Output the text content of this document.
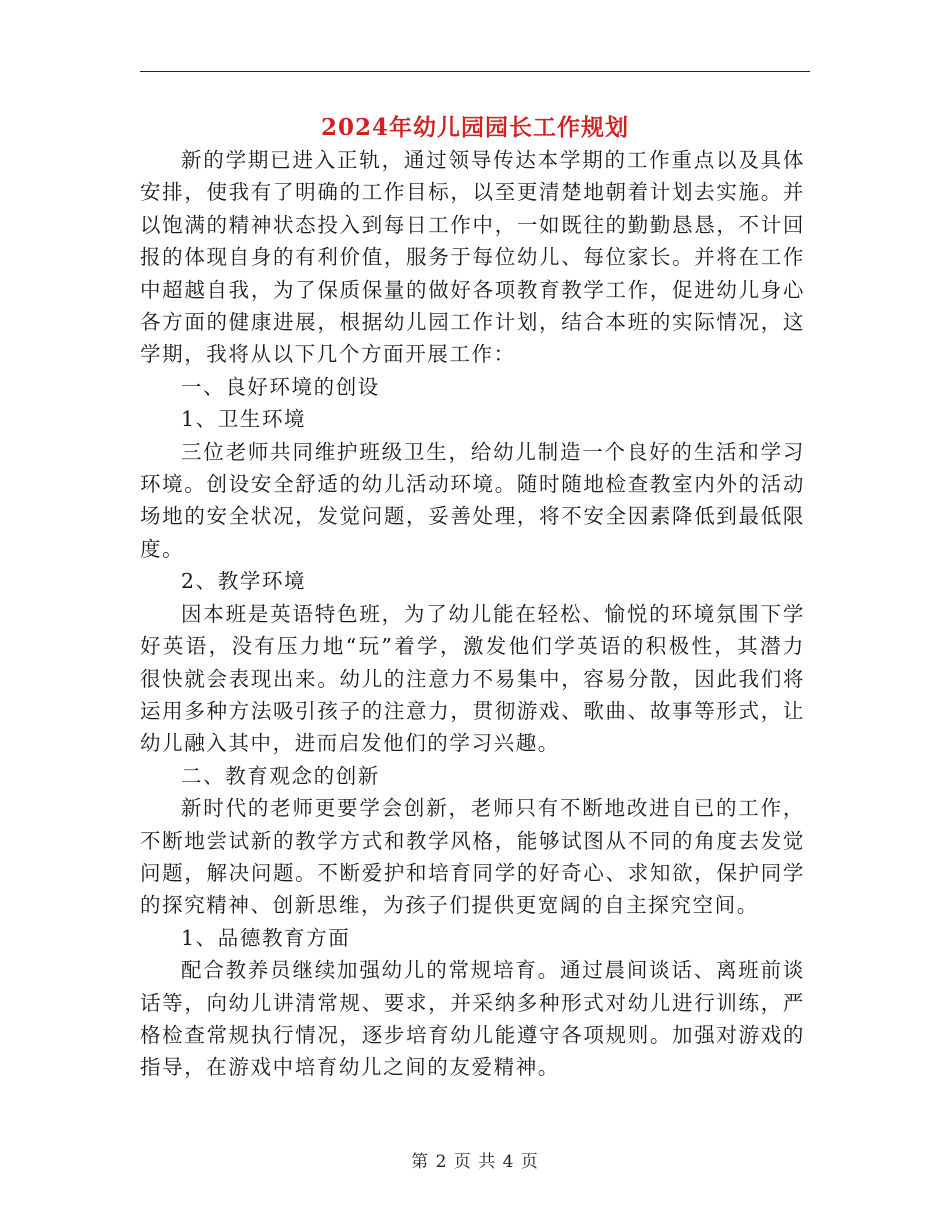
2024年幼儿园园长工作规划

新的学期已进入正轨，通过领导传达本学期的工作重点以及具体安排，使我有了明确的工作目标，以至更清楚地朝着计划去实施。并以饱满的精神状态投入到每日工作中，一如既往的勤勤恳恳，不计回报的体现自身的有利价值，服务于每位幼儿、每位家长。并将在工作中超越自我，为了保质保量的做好各项教育教学工作，促进幼儿身心各方面的健康进展，根据幼儿园工作计划，结合本班的实际情况，这学期，我将从以下几个方面开展工作：

一、良好环境的创设

1、卫生环境

三位老师共同维护班级卫生，给幼儿制造一个良好的生活和学习环境。创设安全舒适的幼儿活动环境。随时随地检查教室内外的活动场地的安全状况，发觉问题，妥善处理，将不安全因素降低到最低限度。

2、教学环境

因本班是英语特色班，为了幼儿能在轻松、愉悦的环境氛围下学好英语，没有压力地“玩”着学，激发他们学英语的积极性，其潜力很快就会表现出来。幼儿的注意力不易集中，容易分散，因此我们将运用多种方法吸引孩子的注意力，贯彻游戏、歌曲、故事等形式，让幼儿融入其中，进而启发他们的学习兴趣。

二、教育观念的创新

新时代的老师更要学会创新，老师只有不断地改进自已的工作，不断地尝试新的教学方式和教学风格，能够试图从不同的角度去发觉问题，解决问题。不断爱护和培育同学的好奇心、求知欲，保护同学的探究精神、创新思维，为孩子们提供更宽阔的自主探究空间。

1、品德教育方面

配合教养员继续加强幼儿的常规培育。通过晨间谈话、离班前谈话等，向幼儿讲清常规、要求，并采纳多种形式对幼儿进行训练，严格检查常规执行情况，逐步培育幼儿能遵守各项规则。加强对游戏的指导，在游戏中培育幼儿之间的友爱精神。

第 2 页 共 4 页
